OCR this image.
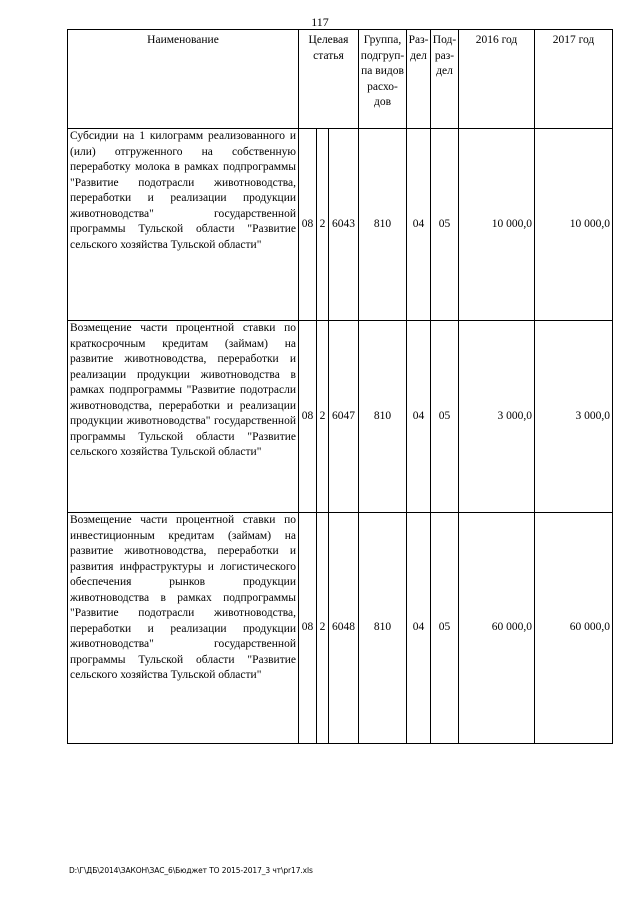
117
Наименование	Целевая статья			Группа, подгруп-па видов расхо-дов	Раз-дел	Под-раз-дел	2016 год	2017 год

Субсидии на 1 килограмм реализованного и (или) отгруженного на собственную переработку молока в рамках подпрограммы "Развитие подотрасли животноводства, переработки и реализации продукции животноводства" государственной программы Тульской области "Развитие сельского хозяйства Тульской области"	08	2	6043	810	04	05	10 000,0	10 000,0

Возмещение части процентной ставки по краткосрочным кредитам (займам) на развитие животноводства, переработки и реализации продукции животноводства в рамках подпрограммы "Развитие подотрасли животноводства, переработки и реализации продукции животноводства" государственной программы Тульской области "Развитие сельского хозяйства Тульской области"	08	2	6047	810	04	05	3 000,0	3 000,0

Возмещение части процентной ставки по инвестиционным кредитам (займам) на развитие животноводства, переработки и развития инфраструктуры и логистического обеспечения рынков продукции животноводства в рамках подпрограммы "Развитие подотрасли животноводства, переработки и реализации продукции животноводства" государственной программы Тульской области "Развитие сельского хозяйства Тульской области"	08	2	6048	810	04	05	60 000,0	60 000,0
D:\Г\ДБ\2014\ЗАКОН\ЗАС_6\Бюджет ТО 2015-2017_3 чт\pr17.xls
